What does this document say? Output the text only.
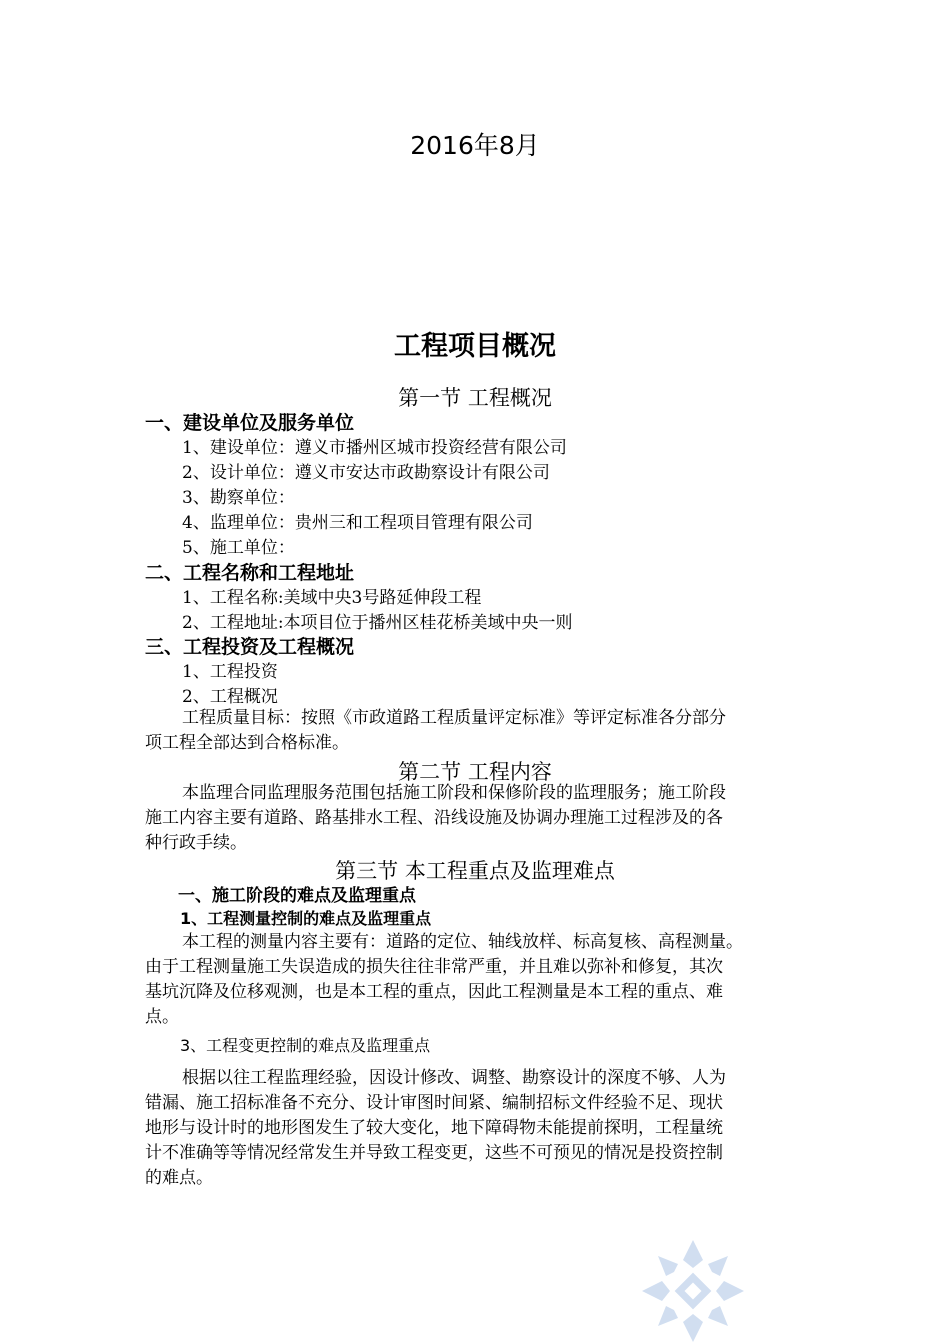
2016年8月
工程项目概况
第一节 工程概况
一、建设单位及服务单位
1、建设单位：遵义市播州区城市投资经营有限公司
2、设计单位：遵义市安达市政勘察设计有限公司
3、勘察单位：
4、监理单位：贵州三和工程项目管理有限公司
5、施工单位：
二、工程名称和工程地址
1、工程名称:美域中央3号路延伸段工程
2、工程地址:本项目位于播州区桂花桥美域中央一则
三、工程投资及工程概况
1、工程投资
2、工程概况
工程质量目标：按照《市政道路工程质量评定标准》等评定标准各分部分
项工程全部达到合格标准。
第二节 工程内容
本监理合同监理服务范围包括施工阶段和保修阶段的监理服务；施工阶段
施工内容主要有道路、路基排水工程、沿线设施及协调办理施工过程涉及的各
种行政手续。
第三节 本工程重点及监理难点
一、施工阶段的难点及监理重点
1、工程测量控制的难点及监理重点
本工程的测量内容主要有：道路的定位、轴线放样、标高复核、高程测量。
由于工程测量施工失误造成的损失往往非常严重，并且难以弥补和修复，其次
基坑沉降及位移观测，也是本工程的重点，因此工程测量是本工程的重点、难
点。
3、工程变更控制的难点及监理重点
根据以往工程监理经验，因设计修改、调整、勘察设计的深度不够、人为
错漏、施工招标准备不充分、设计审图时间紧、编制招标文件经验不足、现状
地形与设计时的地形图发生了较大变化，地下障碍物未能提前探明，工程量统
计不准确等等情况经常发生并导致工程变更，这些不可预见的情况是投资控制
的难点。
